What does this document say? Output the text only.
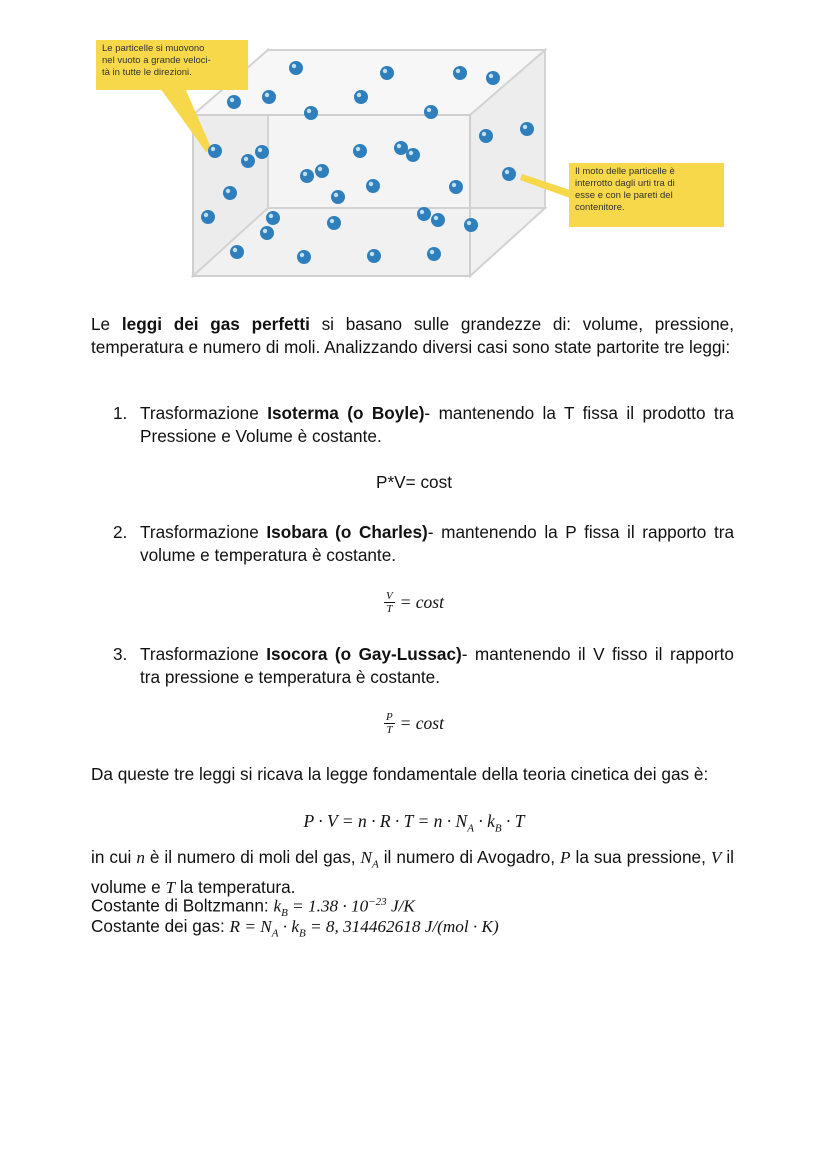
Le particelle si muovono
nel vuoto a grande veloci-
tà in tutte le direzioni.
Il moto delle particelle è
interrotto dagli urti tra di
esse e con le pareti del
contenitore.
Le leggi dei gas perfetti si basano sulle grandezze di: volume, pressione, temperatura e numero di moli. Analizzando diversi casi sono state partorite tre leggi:
1. Trasformazione Isoterma (o Boyle)- mantenendo la T fissa il prodotto tra Pressione e Volume è costante.
P*V= cost
2. Trasformazione Isobara (o Charles)- mantenendo la P fissa il rapporto tra volume e temperatura è costante.
$\frac{V}{T} = \cos t$
3. Trasformazione Isocora (o Gay-Lussac)- mantenendo il V fisso il rapporto tra pressione e temperatura è costante.
$\frac{P}{T} = \cos t$
Da queste tre leggi si ricava la legge fondamentale della teoria cinetica dei gas è:
$P \cdot V = n \cdot R \cdot T = n \cdot N_A \cdot k_B \cdot T$
in cui n è il numero di moli del gas, $N_A$ il numero di Avogadro, P la sua pressione, V il volume e T la temperatura.
Costante di Boltzmann: $k_B = 1.38 \cdot 10^{-23}$ J/K
Costante dei gas: $R = N_A \cdot k_B = 8$, 314462618 J/(mol · K)
